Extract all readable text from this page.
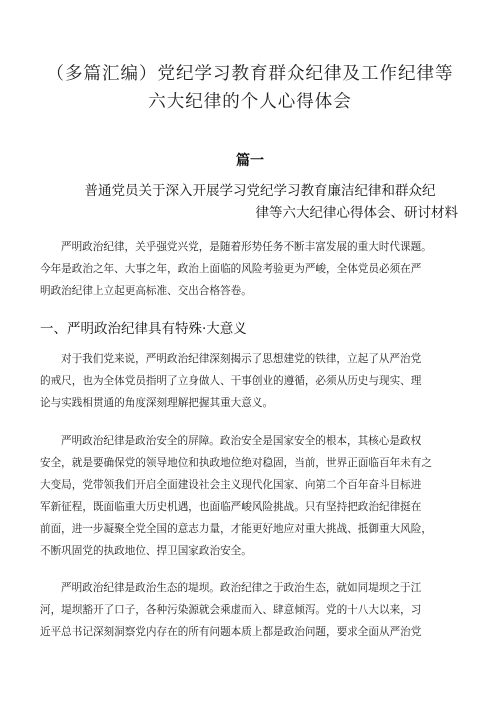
（多篇汇编）党纪学习教育群众纪律及工作纪律等
六大纪律的个人心得体会
篇一
普通党员关于深入开展学习党纪学习教育廉洁纪律和群众纪
律等六大纪律心得体会、研讨材料
严明政治纪律，关乎强党兴党，是随着形势任务不断丰富发展的重大时代课题。
今年是政治之年、大事之年，政治上面临的风险考验更为严峻，全体党员必须在严
明政治纪律上立起更高标准、交出合格答卷。
一、严明政治纪律具有特殊·大意义
对于我们党来说，严明政治纪律深刻揭示了思想建党的铁律，立起了从严治党
的戒尺，也为全体党员指明了立身做人、干事创业的遵循，必须从历史与现实、理
论与实践相贯通的角度深刻理解把握其重大意义。
严明政治纪律是政治安全的屏障。政治安全是国家安全的根本，其核心是政权
安全，就是要确保党的领导地位和执政地位绝对稳固，当前，世界正面临百年未有之
大变局，党带领我们开启全面建设社会主义现代化国家、向第二个百年奋斗目标进
军新征程，既面临重大历史机遇，也面临严峻风险挑战。只有坚持把政治纪律挺在
前面，进一步凝聚全党全国的意志力量，才能更好地应对重大挑战、抵御重大风险，
不断巩固党的执政地位、捍卫国家政治安全。
严明政治纪律是政治生态的堤坝。政治纪律之于政治生态，就如同堤坝之于江
河，堤坝豁开了口子，各种污染源就会乘虚而入、肆意倾泻。党的十八大以来，习
近平总书记深刻洞察党内存在的所有问题本质上都是政治问题，要求全面从严治党
